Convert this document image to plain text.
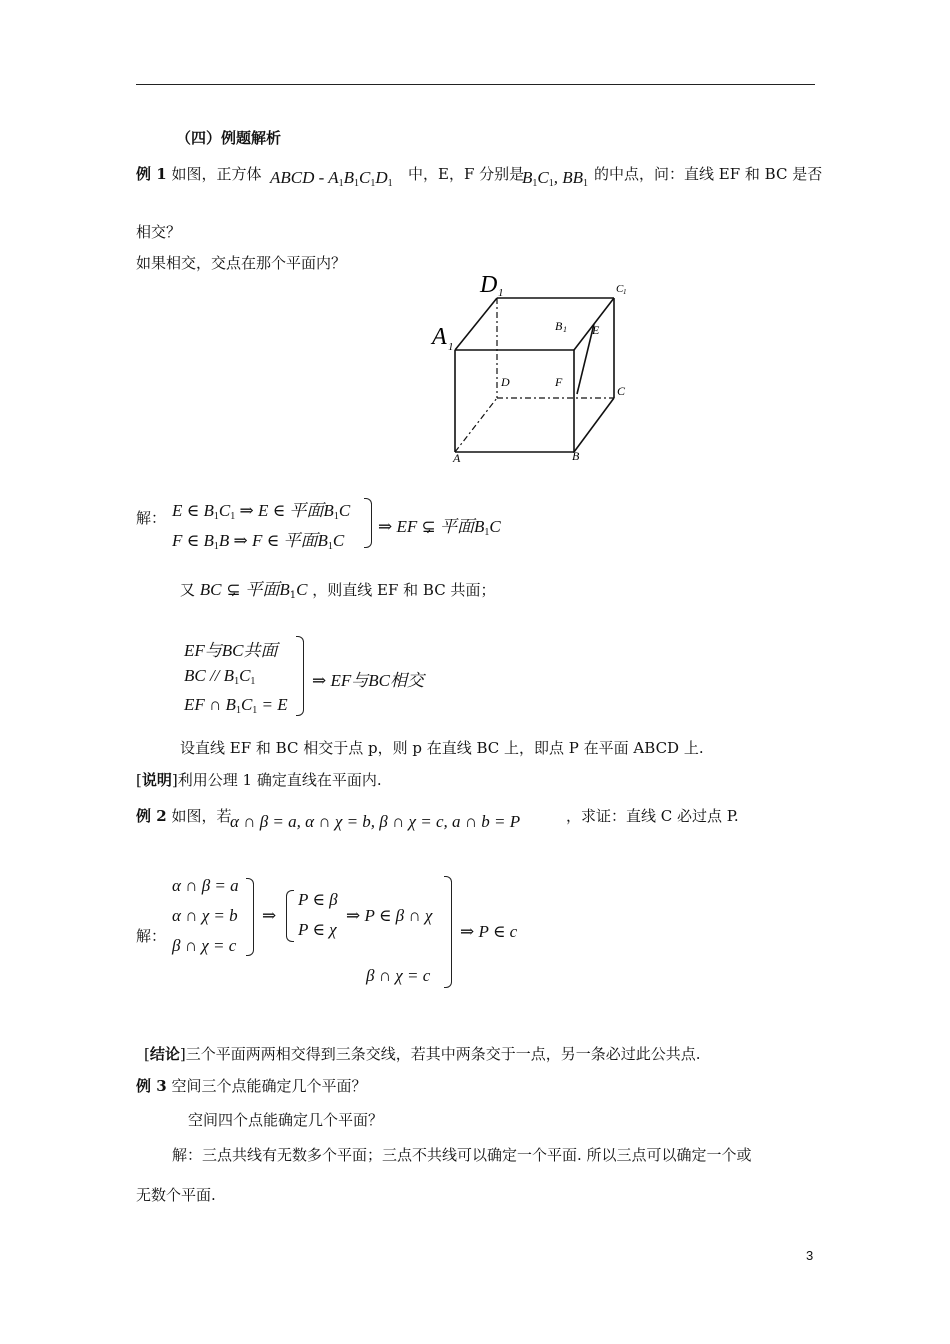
（四）例题解析
例 1 如图，正方体 ABCD - $A_1B_1C_1D_1$
中，E，F 分别是
$B_1C_1$, $BB_1$
的中点，问：直线 EF 和 BC 是否
相交？
如果相交，交点在那个平面内？
D 1
A 1
C 1
B 1 E
D	F
C
A	B
解： E ∈ $B_1C_1$ ⇒ E ∈ 平面$B_1C$
F ∈ $B_1B$ ⇒ F ∈ 平面$B_1C$
⇒ EF ⊊ 平面$B_1C$
又 BC ⊊ 平面$B_1C$ ，则直线 EF 和 BC 共面；
EF与BC共面
BC // $B_1C_1$
EF ∩ $B_1C_1 = E$
⇒ EF与BC相交
设直线 EF 和 BC 相交于点 p，则 p 在直线 BC 上，即点 P 在平面 ABCD 上.
[说明]利用公理 1 确定直线在平面内.
例 2 如图，若
α ∩ β = a, α ∩ χ = b, β ∩ χ = c, a ∩ b = P	，求证：直线 C 必过点 P.
解：
α ∩ β = a
α ∩ χ = b
β ∩ χ = c
⇒
P ∈ β
P ∈ χ
⇒ P ∈ β ∩ χ
β ∩ χ = c
⇒ P ∈ c
[结论]三个平面两两相交得到三条交线，若其中两条交于一点，另一条必过此公共点.
例 3 空间三个点能确定几个平面？
空间四个点能确定几个平面？
解：三点共线有无数多个平面；三点不共线可以确定一个平面. 所以三点可以确定一个或
无数个平面.
3
